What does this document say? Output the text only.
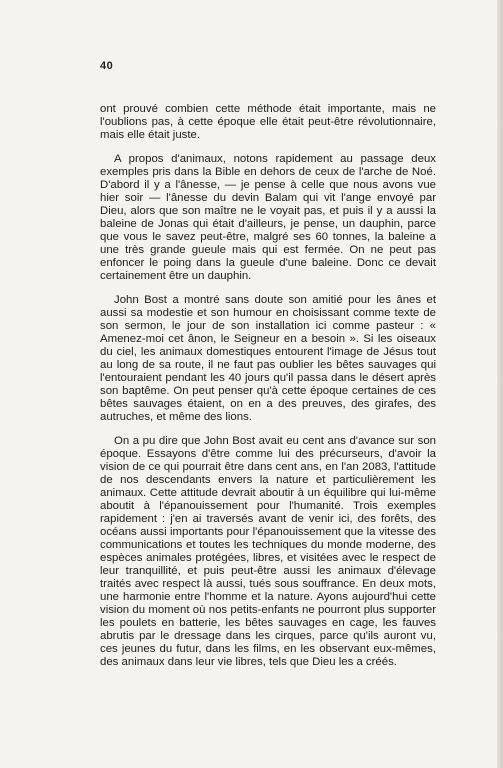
40

ont prouvé combien cette méthode était importante, mais ne l'oublions pas, à cette époque elle était peut-être révolutionnaire, mais elle était juste.

A propos d'animaux, notons rapidement au passage deux exemples pris dans la Bible en dehors de ceux de l'arche de Noé. D'abord il y a l'ânesse, — je pense à celle que nous avons vue hier soir — l'ânesse du devin Balam qui vit l'ange envoyé par Dieu, alors que son maître ne le voyait pas, et puis il y a aussi la baleine de Jonas qui était d'ailleurs, je pense, un dauphin, parce que vous le savez peut-être, malgré ses 60 tonnes, la baleine a une très grande gueule mais qui est fermée. On ne peut pas enfoncer le poing dans la gueule d'une baleine. Donc ce devait certainement être un dauphin.

John Bost a montré sans doute son amitié pour les ânes et aussi sa modestie et son humour en choisissant comme texte de son sermon, le jour de son installation ici comme pasteur : « Amenez-moi cet ânon, le Seigneur en a besoin ». Si les oiseaux du ciel, les animaux domestiques entourent l'image de Jésus tout au long de sa route, il ne faut pas oublier les bêtes sauvages qui l'entouraient pendant les 40 jours qu'il passa dans le désert après son baptême. On peut penser qu'à cette époque certaines de ces bêtes sauvages étaient, on en a des preuves, des girafes, des autruches, et même des lions.

On a pu dire que John Bost avait eu cent ans d'avance sur son époque. Essayons d'être comme lui des précurseurs, d'avoir la vision de ce qui pourrait être dans cent ans, en l'an 2083, l'attitude de nos descendants envers la nature et particulièrement les animaux. Cette attitude devrait aboutir à un équilibre qui lui-même aboutit à l'épanouissement pour l'humanité. Trois exemples rapidement : j'en ai traversés avant de venir ici, des forêts, des océans aussi importants pour l'épanouissement que la vitesse des communications et toutes les techniques du monde moderne, des espèces animales protégées, libres, et visitées avec le respect de leur tranquillité, et puis peut-être aussi les animaux d'élevage traités avec respect là aussi, tués sous souffrance. En deux mots, une harmonie entre l'homme et la nature. Ayons aujourd'hui cette vision du moment où nos petits-enfants ne pourront plus supporter les poulets en batterie, les bêtes sauvages en cage, les fauves abrutis par le dressage dans les cirques, parce qu'ils auront vu, ces jeunes du futur, dans les films, en les observant eux-mêmes, des animaux dans leur vie libres, tels que Dieu les a créés.
